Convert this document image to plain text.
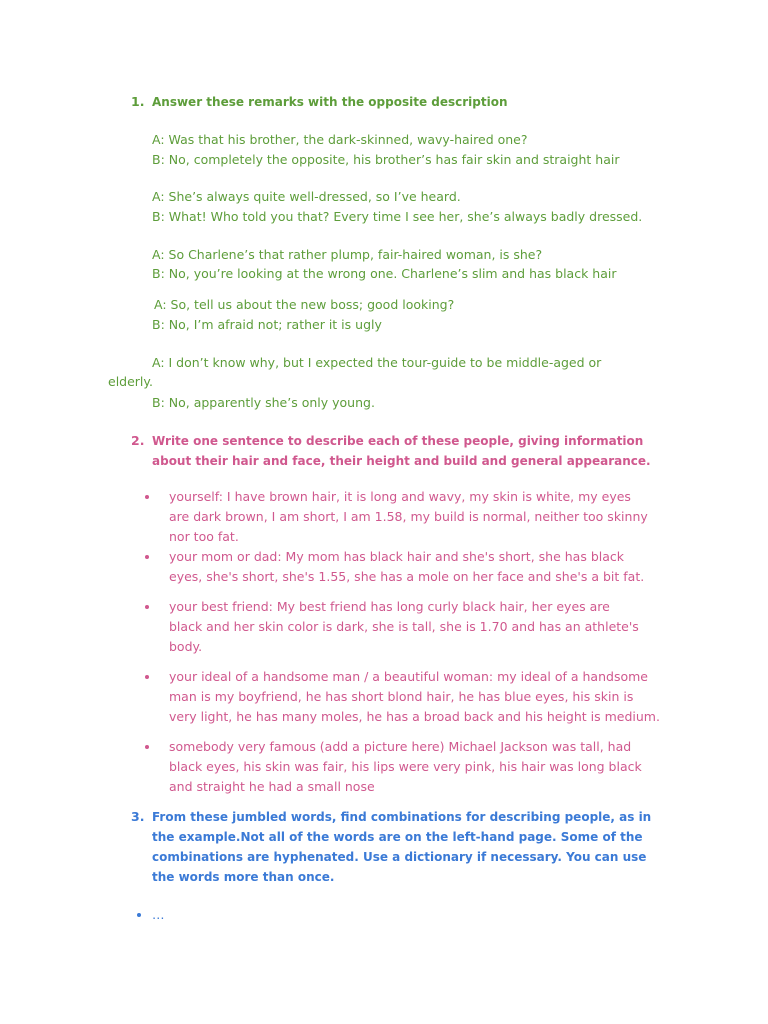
1. Answer these remarks with the opposite description
A: Was that his brother, the dark-skinned, wavy-haired one?
B: No, completely the opposite, his brother’s has fair skin and straight hair
A: She’s always quite well-dressed, so I’ve heard.
B: What! Who told you that? Every time I see her, she’s always badly dressed.
A: So Charlene’s that rather plump, fair-haired woman, is she?
B: No, you’re looking at the wrong one. Charlene’s slim and has black hair
A: So, tell us about the new boss; good looking?
B: No, I’m afraid not; rather it is ugly
A: I don’t know why, but I expected the tour-guide to be middle-aged or
elderly.
B: No, apparently she’s only young.
2. Write one sentence to describe each of these people, giving information
about their hair and face, their height and build and general appearance.
yourself: I have brown hair, it is long and wavy, my skin is white, my eyes
are dark brown, I am short, I am 1.58, my build is normal, neither too skinny
nor too fat.
your mom or dad: My mom has black hair and she's short, she has black
eyes, she's short, she's 1.55, she has a mole on her face and she's a bit fat.
your best friend: My best friend has long curly black hair, her eyes are
black and her skin color is dark, she is tall, she is 1.70 and has an athlete's
body.
your ideal of a handsome man / a beautiful woman: my ideal of a handsome
man is my boyfriend, he has short blond hair, he has blue eyes, his skin is
very light, he has many moles, he has a broad back and his height is medium.
somebody very famous (add a picture here) Michael Jackson was tall, had
black eyes, his skin was fair, his lips were very pink, his hair was long black
and straight he had a small nose
3. From these jumbled words, find combinations for describing people, as in
the example.Not all of the words are on the left-hand page. Some of the
combinations are hyphenated. Use a dictionary if necessary. You can use
the words more than once.
…
